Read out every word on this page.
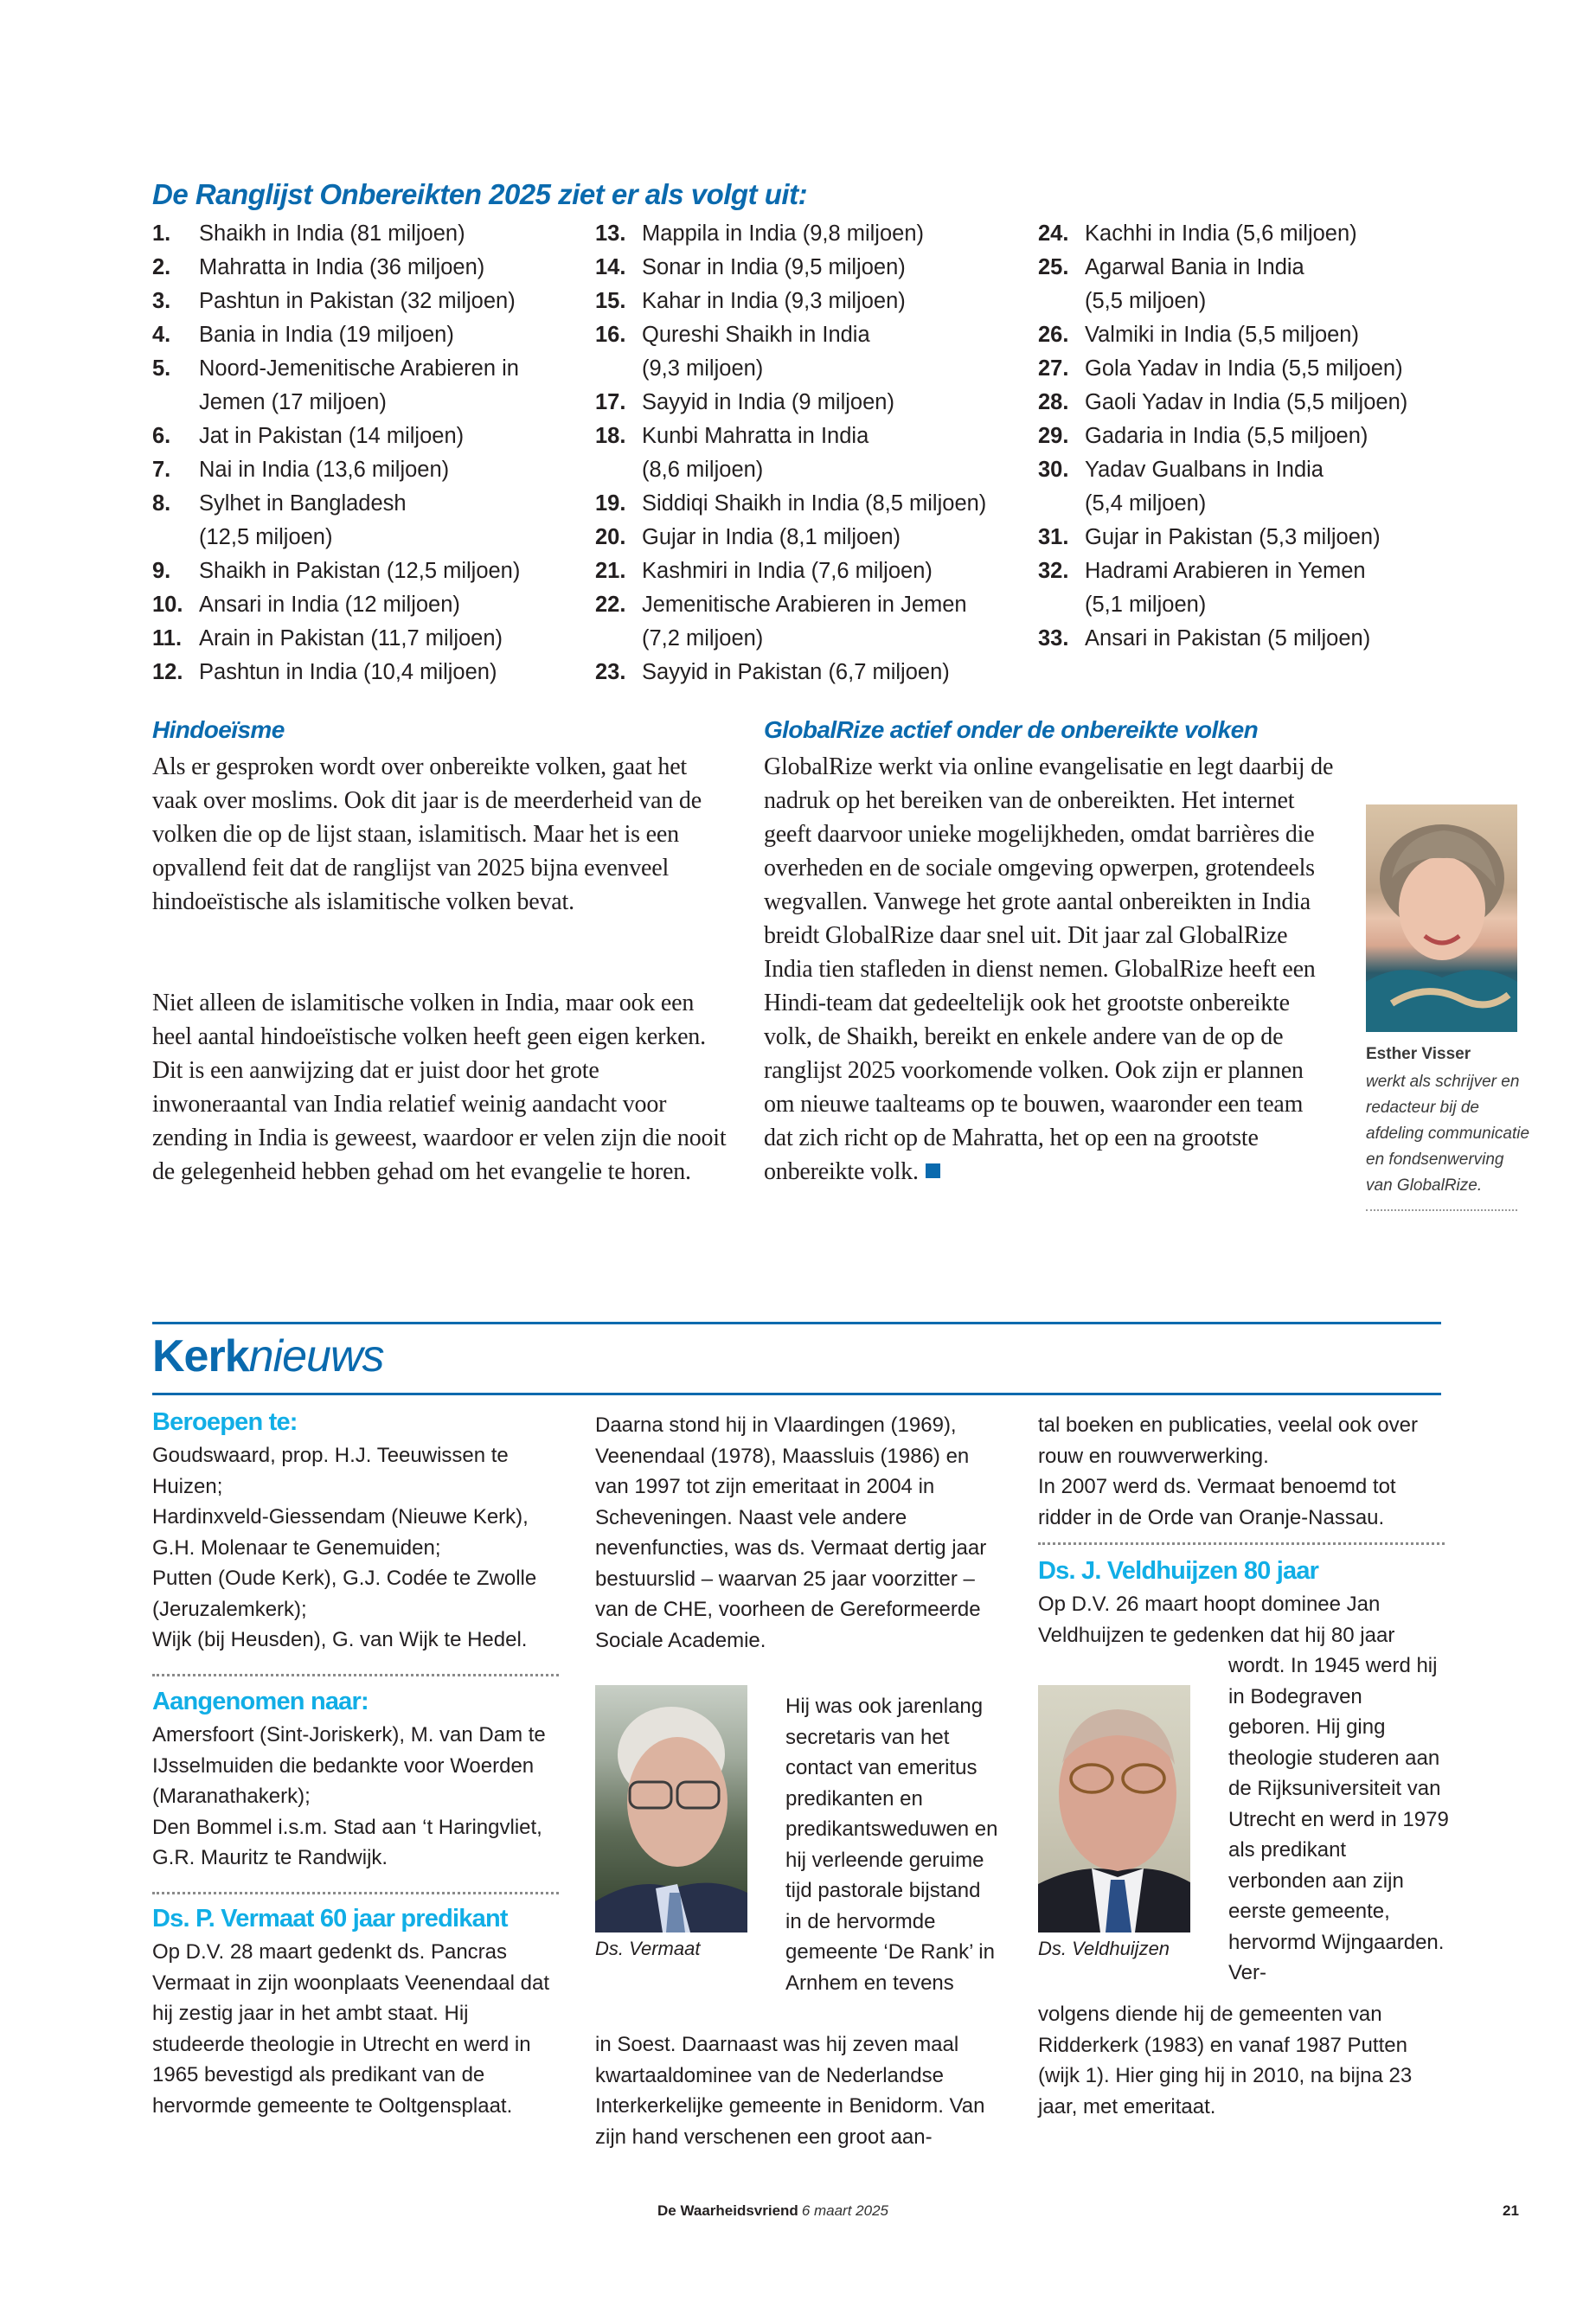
De Ranglijst Onbereikten 2025 ziet er als volgt uit:
1.	Shaikh in India (81 miljoen)
2.	Mahratta in India (36 miljoen)
3.	Pashtun in Pakistan (32 miljoen)
4.	Bania in India (19 miljoen)
5.	Noord-Jemenitische Arabieren in Jemen (17 miljoen)
6.	Jat in Pakistan (14 miljoen)
7.	Nai in India (13,6 miljoen)
8.	Sylhet in Bangladesh (12,5 miljoen)
9.	Shaikh in Pakistan (12,5 miljoen)
10. Ansari in India (12 miljoen)
11. Arain in Pakistan (11,7 miljoen)
12. Pashtun in India (10,4 miljoen)
13. Mappila in India (9,8 miljoen)
14. Sonar in India (9,5 miljoen)
15. Kahar in India (9,3 miljoen)
16. Qureshi Shaikh in India (9,3 miljoen)
17. Sayyid in India (9 miljoen)
18. Kunbi Mahratta in India (8,6 miljoen)
19. Siddiqi Shaikh in India (8,5 miljoen)
20. Gujar in India (8,1 miljoen)
21. Kashmiri in India (7,6 miljoen)
22. Jemenitische Arabieren in Jemen (7,2 miljoen)
23. Sayyid in Pakistan (6,7 miljoen)
24. Kachhi in India (5,6 miljoen)
25. Agarwal Bania in India (5,5 miljoen)
26. Valmiki in India (5,5 miljoen)
27. Gola Yadav in India (5,5 miljoen)
28. Gaoli Yadav in India (5,5 miljoen)
29. Gadaria in India (5,5 miljoen)
30. Yadav Gualbans in India (5,4 miljoen)
31. Gujar in Pakistan (5,3 miljoen)
32. Hadrami Arabieren in Yemen (5,1 miljoen)
33. Ansari in Pakistan (5 miljoen)
Hindoeïsme

Als er gesproken wordt over onbereikte volken, gaat het vaak over moslims. Ook dit jaar is de meerderheid van de volken die op de lijst staan, islamitisch. Maar het is een opvallend feit dat de ranglijst van 2025 bijna evenveel hindoeïstische als islamitische volken bevat.

Niet alleen de islamitische volken in India, maar ook een heel aantal hindoeïstische volken heeft geen eigen kerken. Dit is een aanwijzing dat er juist door het grote inwoneraantal van India relatief weinig aandacht voor zending in India is geweest, waardoor er velen zijn die nooit de gelegenheid hebben gehad om het evangelie te horen.

GlobalRize actief onder de onbereikte volken

GlobalRize werkt via online evangelisatie en legt daarbij de nadruk op het bereiken van de onbereikten. Het internet geeft daarvoor unieke mogelijkheden, omdat barrières die overheden en de sociale omgeving opwerpen, grotendeels wegvallen. Vanwege het grote aantal onbereikten in India breidt GlobalRize daar snel uit. Dit jaar zal GlobalRize India tien stafleden in dienst nemen. GlobalRize heeft een Hindi-team dat gedeeltelijk ook het grootste onbereikte volk, de Shaikh, bereikt en enkele andere van de op de ranglijst 2025 voorkomende volken. Ook zijn er plannen om nieuwe taalteams op te bouwen, waaronder een team dat zich richt op de Mahratta, het op een na grootste onbereikte volk.

Esther Visser
werkt als schrijver en redacteur bij de afdeling communicatie en fondsenwerving van GlobalRize.
Kerknieuws
Beroepen te:
Goudswaard, prop. H.J. Teeuwissen te Huizen;
Hardinxveld-Giessendam (Nieuwe Kerk), G.H. Molenaar te Genemuiden;
Putten (Oude Kerk), G.J. Codée te Zwolle (Jeruzalemkerk);
Wijk (bij Heusden), G. van Wijk te Hedel.
Aangenomen naar:
Amersfoort (Sint-Joriskerk), M. van Dam te IJsselmuiden die bedankte voor Woerden (Maranathakerk);
Den Bommel i.s.m. Stad aan ‘t Haringvliet, G.R. Mauritz te Randwijk.
Ds. P. Vermaat 60 jaar predikant

Op D.V. 28 maart gedenkt ds. Pancras Vermaat in zijn woonplaats Veenendaal dat hij zestig jaar in het ambt staat. Hij studeerde theologie in Utrecht en werd in 1965 bevestigd als predikant van de hervormde gemeente te Ooltgensplaat.

Daarna stond hij in Vlaardingen (1969), Veenendaal (1978), Maassluis (1986) en van 1997 tot zijn emeritaat in 2004 in Scheveningen. Naast vele andere nevenfuncties, was ds. Vermaat dertig jaar bestuurslid – waarvan 25 jaar voorzitter – van de CHE, voorheen de Gereformeerde Sociale Academie.

Ds. Vermaat

Hij was ook jarenlang secretaris van het contact van emeritus predikanten en predikantsweduwen en hij verleende geruime tijd pastorale bijstand in de hervormde gemeente ‘De Rank’ in Arnhem en tevens

in Soest. Daarnaast was hij zeven maal kwartaaldominee van de Nederlandse Interkerkelijke gemeente in Benidorm. Van zijn hand verschenen een groot aan-

tal boeken en publicaties, veelal ook over rouw en rouwverwerking.

In 2007 werd ds. Vermaat benoemd tot ridder in de Orde van Oranje-Nassau.

Ds. J. Veldhuijzen 80 jaar

Op D.V. 26 maart hoopt dominee Jan Veldhuijzen te gedenken dat hij 80 jaar

Ds. Veldhuijzen

wordt. In 1945 werd hij in Bodegraven geboren. Hij ging theologie studeren aan de Rijksuniversiteit van Utrecht en werd in 1979 als predikant verbonden aan zijn eerste gemeente, hervormd Wijngaarden. Ver-

volgens diende hij de gemeenten van Ridderkerk (1983) en vanaf 1987 Putten (wijk 1). Hier ging hij in 2010, na bijna 23 jaar, met emeritaat.

De Waarheidsvriend 6 maart 2025	21
